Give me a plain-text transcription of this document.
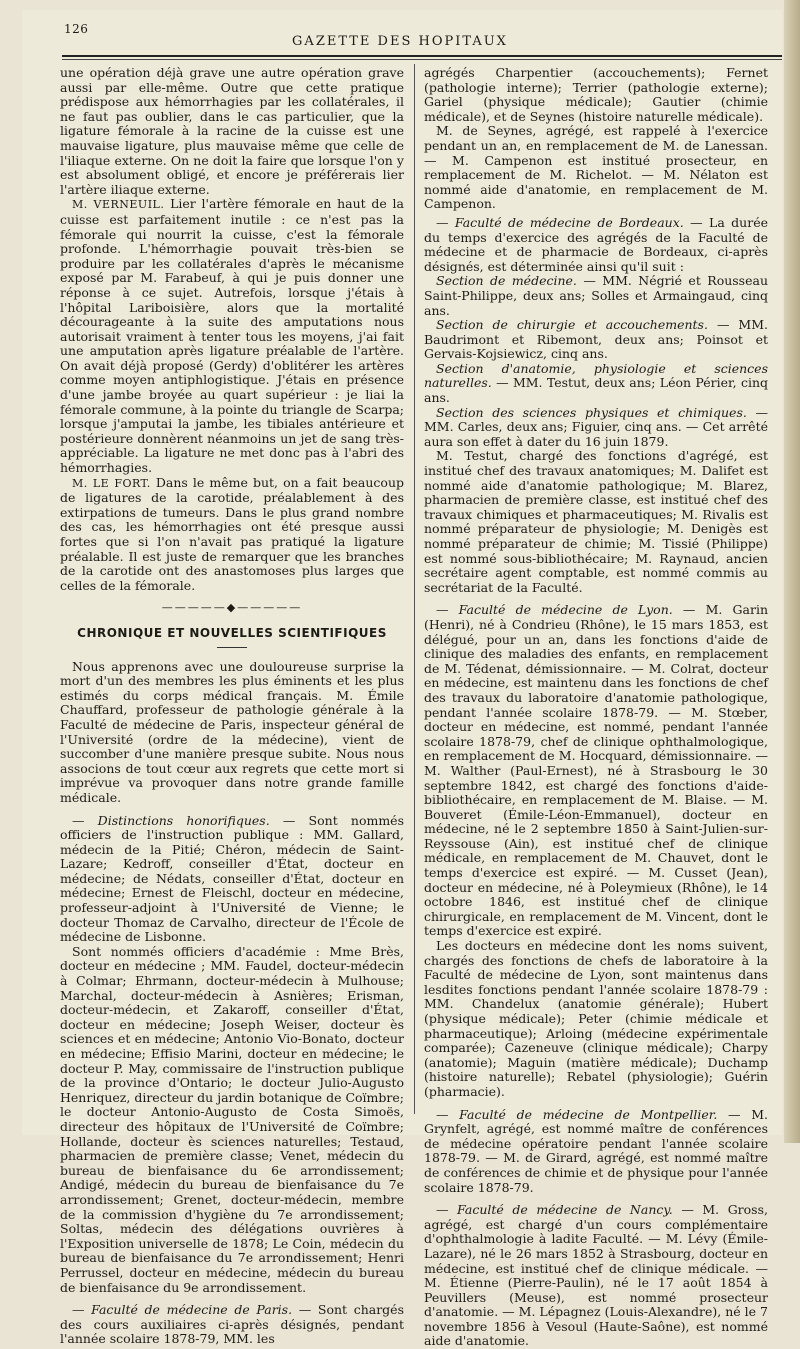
126
GAZETTE DES HOPITAUX

une opération déjà grave une autre opération grave aussi par elle-même. Outre que cette pratique prédispose aux hémorrhagies par les collatérales, il ne faut pas oublier, dans le cas particulier, que la ligature fémorale à la racine de la cuisse est une mauvaise ligature, plus mauvaise même que celle de l'iliaque externe. On ne doit la faire que lorsque l'on y est absolument obligé, et encore je préférerais lier l'artère iliaque externe.

M. VERNEUIL. Lier l'artère fémorale en haut de la cuisse est parfaitement inutile : ce n'est pas la fémorale qui nourrit la cuisse, c'est la fémorale profonde. L'hémorrhagie pouvait très-bien se produire par les collatérales d'après le mécanisme exposé par M. Farabeuf, à qui je puis donner une réponse à ce sujet. Autrefois, lorsque j'étais à l'hôpital Lariboisière, alors que la mortalité décourageante à la suite des amputations nous autorisait vraiment à tenter tous les moyens, j'ai fait une amputation après ligature préalable de l'artère. On avait déjà proposé (Gerdy) d'oblitérer les artères comme moyen antiphlogistique. J'étais en présence d'une jambe broyée au quart supérieur : je liai la fémorale commune, à la pointe du triangle de Scarpa; lorsque j'amputai la jambe, les tibiales antérieure et postérieure donnèrent néanmoins un jet de sang très-appréciable. La ligature ne met donc pas à l'abri des hémorrhagies.

M. LE FORT. Dans le même but, on a fait beaucoup de ligatures de la carotide, préalablement à des extirpations de tumeurs. Dans le plus grand nombre des cas, les hémorrhagies ont été presque aussi fortes que si l'on n'avait pas pratiqué la ligature préalable. Il est juste de remarquer que les branches de la carotide ont des anastomoses plus larges que celles de la fémorale.

—————◆—————
CHRONIQUE ET NOUVELLES SCIENTIFIQUES

Nous apprenons avec une douloureuse surprise la mort d'un des membres les plus éminents et les plus estimés du corps médical français. M. Émile Chauffard, professeur de pathologie générale à la Faculté de médecine de Paris, inspecteur général de l'Université (ordre de la médecine), vient de succomber d'une manière presque subite. Nous nous associons de tout cœur aux regrets que cette mort si imprévue va provoquer dans notre grande famille médicale.

— Distinctions honorifiques. — Sont nommés officiers de l'instruction publique : MM. Gallard, médecin de la Pitié; Chéron, médecin de Saint-Lazare; Kedroff, conseiller d'État, docteur en médecine; de Nédats, conseiller d'État, docteur en médecine; Ernest de Fleischl, docteur en médecine, professeur-adjoint à l'Université de Vienne; le docteur Thomaz de Carvalho, directeur de l'École de médecine de Lisbonne.

Sont nommés officiers d'académie : Mme Brès, docteur en médecine ; MM. Faudel, docteur-médecin à Colmar; Ehrmann, docteur-médecin à Mulhouse; Marchal, docteur-médecin à Asnières; Erisman, docteur-médecin, et Zakaroff, conseiller d'État, docteur en médecine; Joseph Weiser, docteur ès sciences et en médecine; Antonio Vio-Bonato, docteur en médecine; Effisio Marini, docteur en médecine; le docteur P. May, commissaire de l'instruction publique de la province d'Ontario; le docteur Julio-Augusto Henriquez, directeur du jardin botanique de Coïmbre; le docteur Antonio-Augusto de Costa Simoës, directeur des hôpitaux de l'Université de Coïmbre; Hollande, docteur ès sciences naturelles; Testaud, pharmacien de première classe; Venet, médecin du bureau de bienfaisance du 6e arrondissement; Andigé, médecin du bureau de bienfaisance du 7e arrondissement; Grenet, docteur-médecin, membre de la commission d'hygiène du 7e arrondissement; Soltas, médecin des délégations ouvrières à l'Exposition universelle de 1878; Le Coin, médecin du bureau de bienfaisance du 7e arrondissement; Henri Perrussel, docteur en médecine, médecin du bureau de bienfaisance du 9e arrondissement.

— Faculté de médecine de Paris. — Sont chargés des cours auxiliaires ci-après désignés, pendant l'année scolaire 1878-79, MM. les

agrégés Charpentier (accouchements); Fernet (pathologie interne); Terrier (pathologie externe); Gariel (physique médicale); Gautier (chimie médicale), et de Seynes (histoire naturelle médicale).

M. de Seynes, agrégé, est rappelé à l'exercice pendant un an, en remplacement de M. de Lanessan. — M. Campenon est institué prosecteur, en remplacement de M. Richelot. — M. Nélaton est nommé aide d'anatomie, en remplacement de M. Campenon.

— Faculté de médecine de Bordeaux. — La durée du temps d'exercice des agrégés de la Faculté de médecine et de pharmacie de Bordeaux, ci-après désignés, est déterminée ainsi qu'il suit :

Section de médecine. — MM. Négrié et Rousseau Saint-Philippe, deux ans; Solles et Armaingaud, cinq ans.

Section de chirurgie et accouchements. — MM. Baudrimont et Ribemont, deux ans; Poinsot et Gervais-Kojsiewicz, cinq ans.

Section d'anatomie, physiologie et sciences naturelles. — MM. Testut, deux ans; Léon Périer, cinq ans.

Section des sciences physiques et chimiques. — MM. Carles, deux ans; Figuier, cinq ans. — Cet arrêté aura son effet à dater du 16 juin 1879.

M. Testut, chargé des fonctions d'agrégé, est institué chef des travaux anatomiques; M. Dalifet est nommé aide d'anatomie pathologique; M. Blarez, pharmacien de première classe, est institué chef des travaux chimiques et pharmaceutiques; M. Rivalis est nommé préparateur de physiologie; M. Denigès est nommé préparateur de chimie; M. Tissié (Philippe) est nommé sous-bibliothécaire; M. Raynaud, ancien secrétaire agent comptable, est nommé commis au secrétariat de la Faculté.

— Faculté de médecine de Lyon. — M. Garin (Henri), né à Condrieu (Rhône), le 15 mars 1853, est délégué, pour un an, dans les fonctions d'aide de clinique des maladies des enfants, en remplacement de M. Tédenat, démissionnaire. — M. Colrat, docteur en médecine, est maintenu dans les fonctions de chef des travaux du laboratoire d'anatomie pathologique, pendant l'année scolaire 1878-79. — M. Stœber, docteur en médecine, est nommé, pendant l'année scolaire 1878-79, chef de clinique ophthalmologique, en remplacement de M. Hocquard, démissionnaire. — M. Walther (Paul-Ernest), né à Strasbourg le 30 septembre 1842, est chargé des fonctions d'aide-bibliothécaire, en remplacement de M. Blaise. — M. Bouveret (Émile-Léon-Emmanuel), docteur en médecine, né le 2 septembre 1850 à Saint-Julien-sur-Reyssouse (Ain), est institué chef de clinique médicale, en remplacement de M. Chauvet, dont le temps d'exercice est expiré. — M. Cusset (Jean), docteur en médecine, né à Poleymieux (Rhône), le 14 octobre 1846, est institué chef de clinique chirurgicale, en remplacement de M. Vincent, dont le temps d'exercice est expiré.

Les docteurs en médecine dont les noms suivent, chargés des fonctions de chefs de laboratoire à la Faculté de médecine de Lyon, sont maintenus dans lesdites fonctions pendant l'année scolaire 1878-79 : MM. Chandelux (anatomie générale); Hubert (physique médicale); Peter (chimie médicale et pharmaceutique); Arloing (médecine expérimentale comparée); Cazeneuve (clinique médicale); Charpy (anatomie); Maguin (matière médicale); Duchamp (histoire naturelle); Rebatel (physiologie); Guérin (pharmacie).

— Faculté de médecine de Montpellier. — M. Grynfelt, agrégé, est nommé maître de conférences de médecine opératoire pendant l'année scolaire 1878-79. — M. de Girard, agrégé, est nommé maître de conférences de chimie et de physique pour l'année scolaire 1878-79.

— Faculté de médecine de Nancy. — M. Gross, agrégé, est chargé d'un cours complémentaire d'ophthalmologie à ladite Faculté. — M. Lévy (Émile-Lazare), né le 26 mars 1852 à Strasbourg, docteur en médecine, est institué chef de clinique médicale. — M. Étienne (Pierre-Paulin), né le 17 août 1854 à Peuvillers (Meuse), est nommé prosecteur d'anatomie. — M. Lépagnez (Louis-Alexandre), né le 7 novembre 1856 à Vesoul (Haute-Saône), est nommé aide d'anatomie.
